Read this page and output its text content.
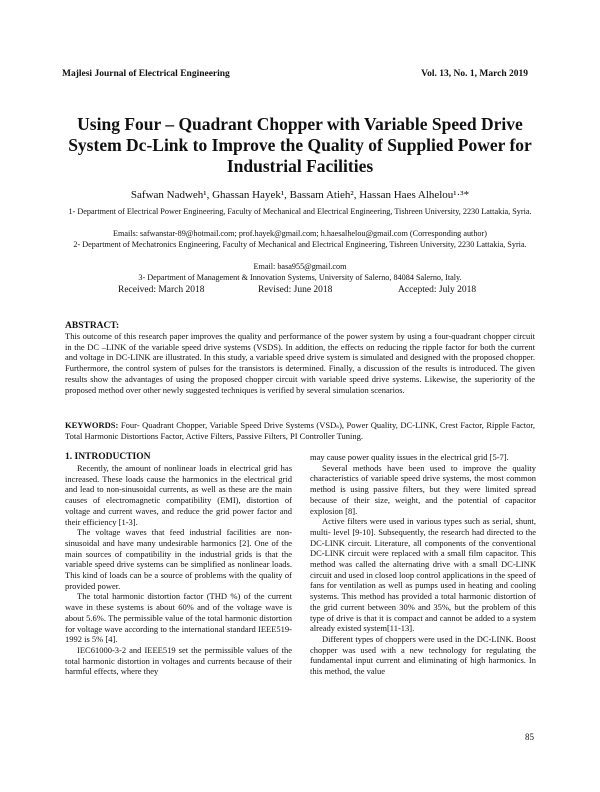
Majlesi Journal of Electrical Engineering	Vol. 13, No. 1, March 2019
Using Four – Quadrant Chopper with Variable Speed Drive System Dc-Link to Improve the Quality of Supplied Power for Industrial Facilities
Safwan Nadweh¹, Ghassan Hayek¹, Bassam Atieh², Hassan Haes Alhelou¹·³*
1- Department of Electrical Power Engineering, Faculty of Mechanical and Electrical Engineering, Tishreen University, 2230 Lattakia, Syria.
Emails: safwanstar-89@hotmail.com; prof.hayek@gmail.com; h.haesalhelou@gmail.com (Corresponding author)
2- Department of Mechatronics Engineering, Faculty of Mechanical and Electrical Engineering, Tishreen University, 2230 Lattakia, Syria.
Email: basa955@gmail.com
3- Department of Management & Innovation Systems, University of Salerno, 84084 Salerno, Italy.
Received: March 2018	Revised: June 2018	Accepted: July 2018
ABSTRACT:
This outcome of this research paper improves the quality and performance of the power system by using a four-quadrant chopper circuit in the DC –LINK of the variable speed drive systems (VSDS). In addition, the effects on reducing the ripple factor for both the current and voltage in DC-LINK are illustrated. In this study, a variable speed drive system is simulated and designed with the proposed chopper. Furthermore, the control system of pulses for the transistors is determined. Finally, a discussion of the results is introduced. The given results show the advantages of using the proposed chopper circuit with variable speed drive systems. Likewise, the superiority of the proposed method over other newly suggested techniques is verified by several simulation scenarios.
KEYWORDS: Four- Quadrant Chopper, Variable Speed Drive Systems (VSDₛ), Power Quality, DC-LINK, Crest Factor, Ripple Factor, Total Harmonic Distortions Factor, Active Filters, Passive Filters, PI Controller Tuning.
1. INTRODUCTION

Recently, the amount of nonlinear loads in electrical grid has increased. These loads cause the harmonics in the electrical grid and lead to non-sinusoidal currents, as well as these are the main causes of electromagnetic compatibility (EMI), distortion of voltage and current waves, and reduce the grid power factor and their efficiency [1-3].

The voltage waves that feed industrial facilities are non-sinusoidal and have many undesirable harmonics [2]. One of the main sources of compatibility in the industrial grids is that the variable speed drive systems can be simplified as nonlinear loads. This kind of loads can be a source of problems with the quality of provided power.

The total harmonic distortion factor (THD %) of the current wave in these systems is about 60% and of the voltage wave is about 5.6%. The permissible value of the total harmonic distortion for voltage wave according to the international standard IEEE519-1992 is 5% [4].

IEC61000-3-2 and IEEE519 set the permissible values of the total harmonic distortion in voltages and currents because of their harmful effects, where they

may cause power quality issues in the electrical grid [5-7].

Several methods have been used to improve the quality characteristics of variable speed drive systems, the most common method is using passive filters, but they were limited spread because of their size, weight, and the potential of capacitor explosion [8].

Active filters were used in various types such as serial, shunt, multi- level [9-10]. Subsequently, the research had directed to the DC-LINK circuit. Literature, all components of the conventional DC-LINK circuit were replaced with a small film capacitor. This method was called the alternating drive with a small DC-LINK circuit and used in closed loop control applications in the speed of fans for ventilation as well as pumps used in heating and cooling systems. This method has provided a total harmonic distortion of the grid current between 30% and 35%, but the problem of this type of drive is that it is compact and cannot be added to a system already existed system[11-13].

Different types of choppers were used in the DC-LINK. Boost chopper was used with a new technology for regulating the fundamental input current and eliminating of high harmonics. In this method, the value

85
